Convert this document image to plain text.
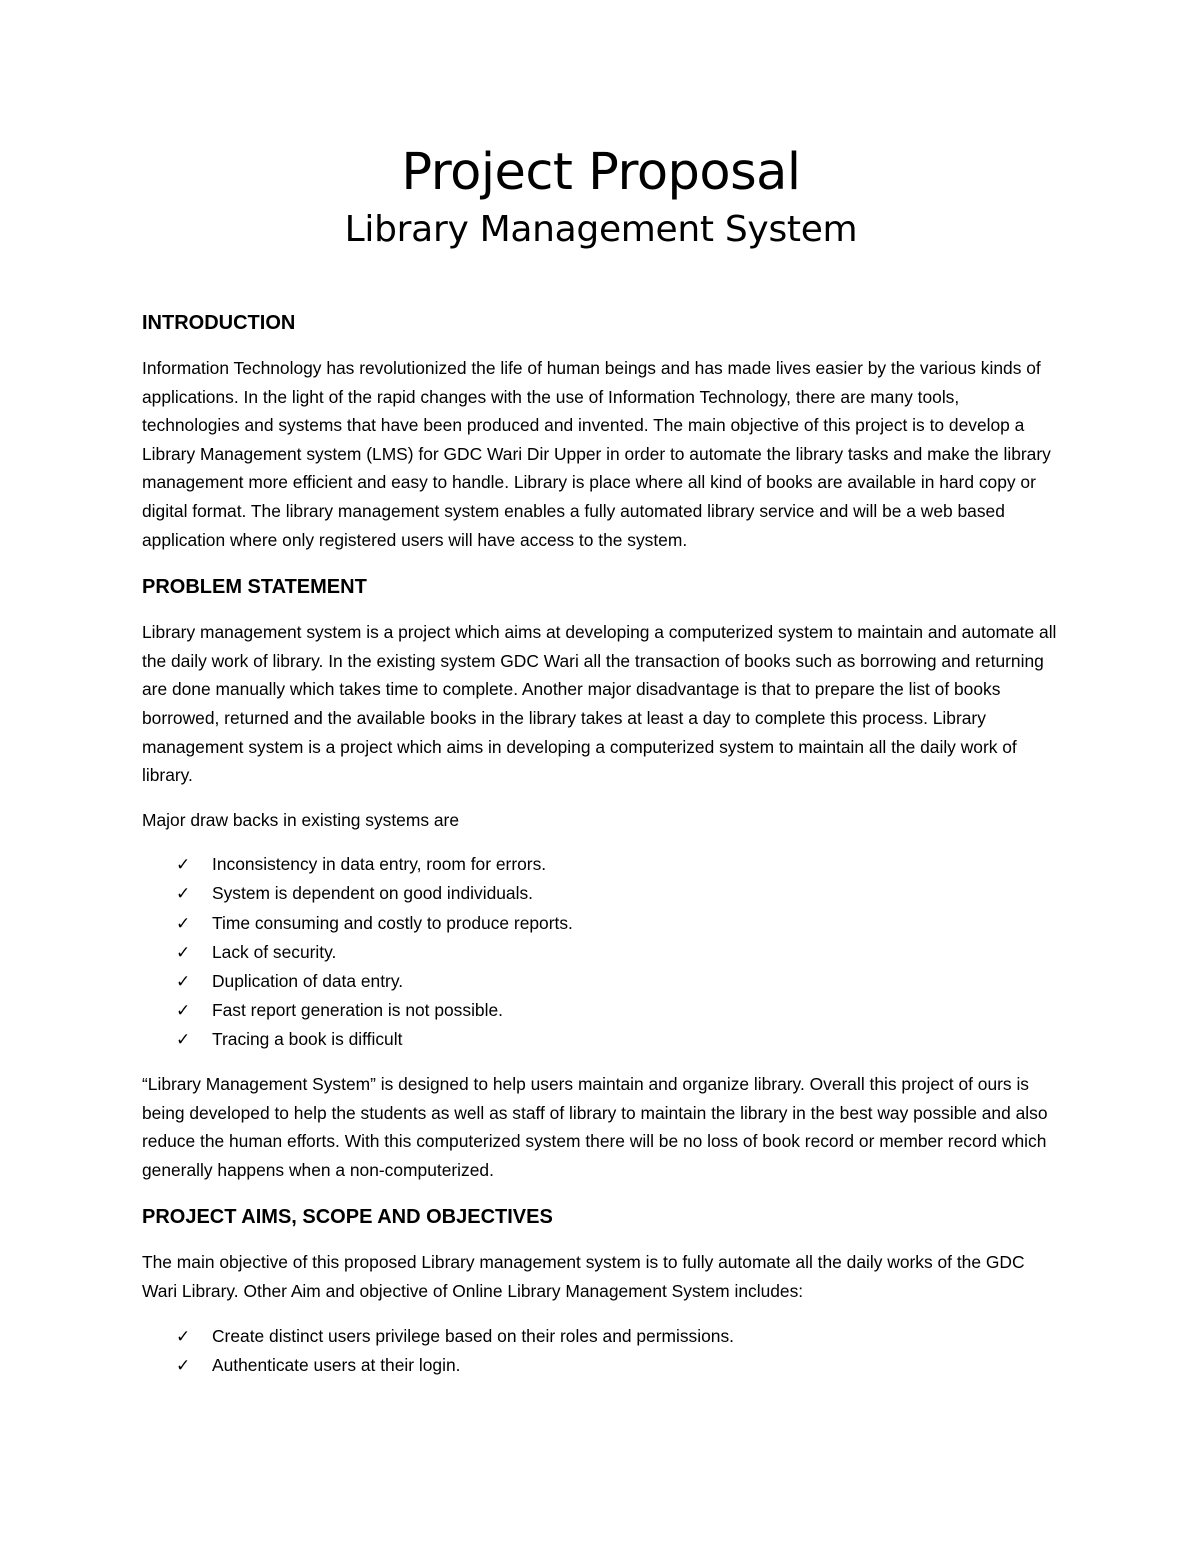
Project Proposal
Library Management System
INTRODUCTION

Information Technology has revolutionized the life of human beings and has made lives easier by the various kinds of applications. In the light of the rapid changes with the use of Information Technology, there are many tools, technologies and systems that have been produced and invented. The main objective of this project is to develop a Library Management system (LMS) for GDC Wari Dir Upper in order to automate the library tasks and make the library management more efficient and easy to handle. Library is place where all kind of books are available in hard copy or digital format. The library management system enables a fully automated library service and will be a web based application where only registered users will have access to the system.

PROBLEM STATEMENT

Library management system is a project which aims at developing a computerized system to maintain and automate all the daily work of library. In the existing system GDC Wari all the transaction of books such as borrowing and returning are done manually which takes time to complete. Another major disadvantage is that to prepare the list of books borrowed, returned and the available books in the library takes at least a day to complete this process. Library management system is a project which aims in developing a computerized system to maintain all the daily work of library.

Major draw backs in existing systems are

✓	Inconsistency in data entry, room for errors.
✓	System is dependent on good individuals.
✓	Time consuming and costly to produce reports.
✓	Lack of security.
✓	Duplication of data entry.
✓	Fast report generation is not possible.
✓	Tracing a book is difficult

“Library Management System” is designed to help users maintain and organize library. Overall this project of ours is being developed to help the students as well as staff of library to maintain the library in the best way possible and also reduce the human efforts. With this computerized system there will be no loss of book record or member record which generally happens when a non-computerized.

PROJECT AIMS, SCOPE AND OBJECTIVES

The main objective of this proposed Library management system is to fully automate all the daily works of the GDC Wari Library. Other Aim and objective of Online Library Management System includes:

✓	Create distinct users privilege based on their roles and permissions.
✓	Authenticate users at their login.
